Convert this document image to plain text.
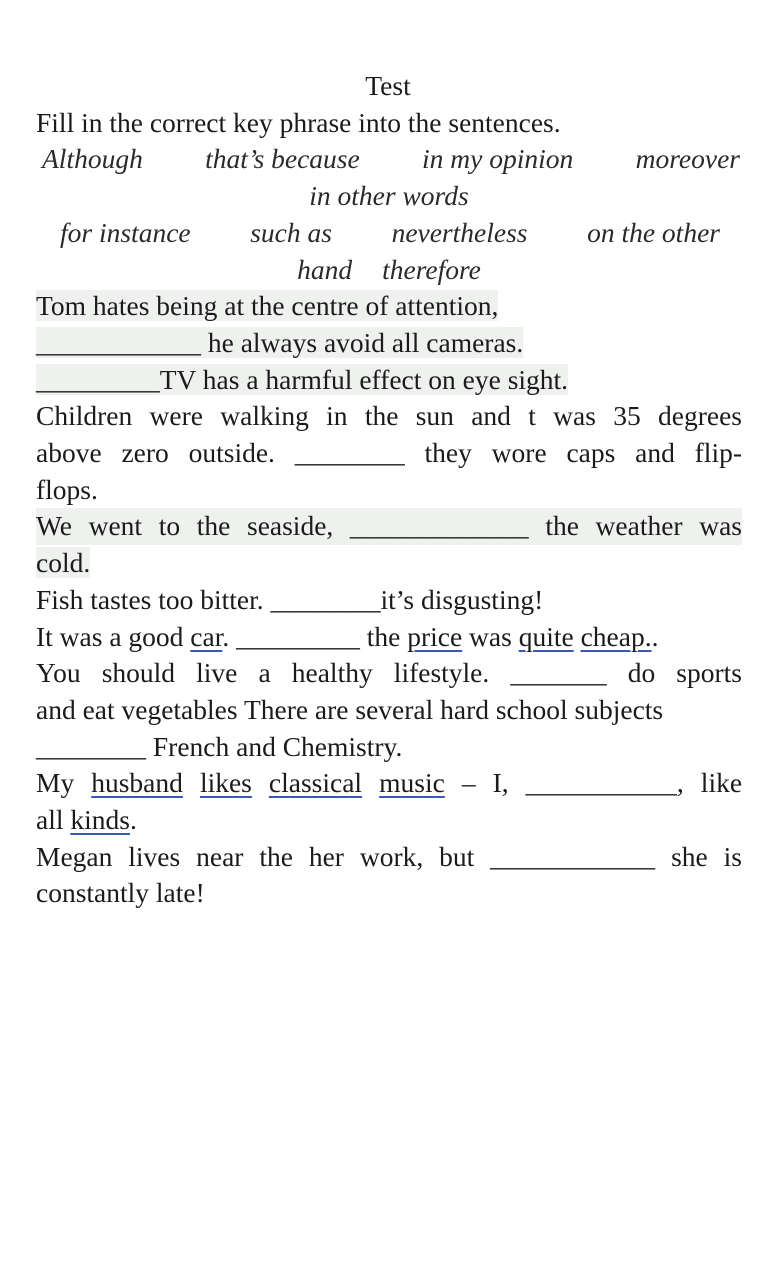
Test
Fill in the correct key phrase into the sentences.
Although that’s because in my opinion moreover
in other words
for instance such as nevertheless on the other
hand therefore
Tom hates being at the centre of attention,
____________ he always avoid all cameras.
_________TV has a harmful effect on eye sight.
Children were walking in the sun and t was 35 degrees
above zero outside. ________ they wore caps and flip-
flops.
We went to the seaside, _____________ the weather was
cold.
Fish tastes too bitter. ________it’s disgusting!
It was a good car. _________ the price was quite cheap..
You should live a healthy lifestyle. _______ do sports
and eat vegetables There are several hard school subjects
________ French and Chemistry.
My husband likes classical music – I, ___________, like
all kinds.
Megan lives near the her work, but ____________ she is
constantly late!
